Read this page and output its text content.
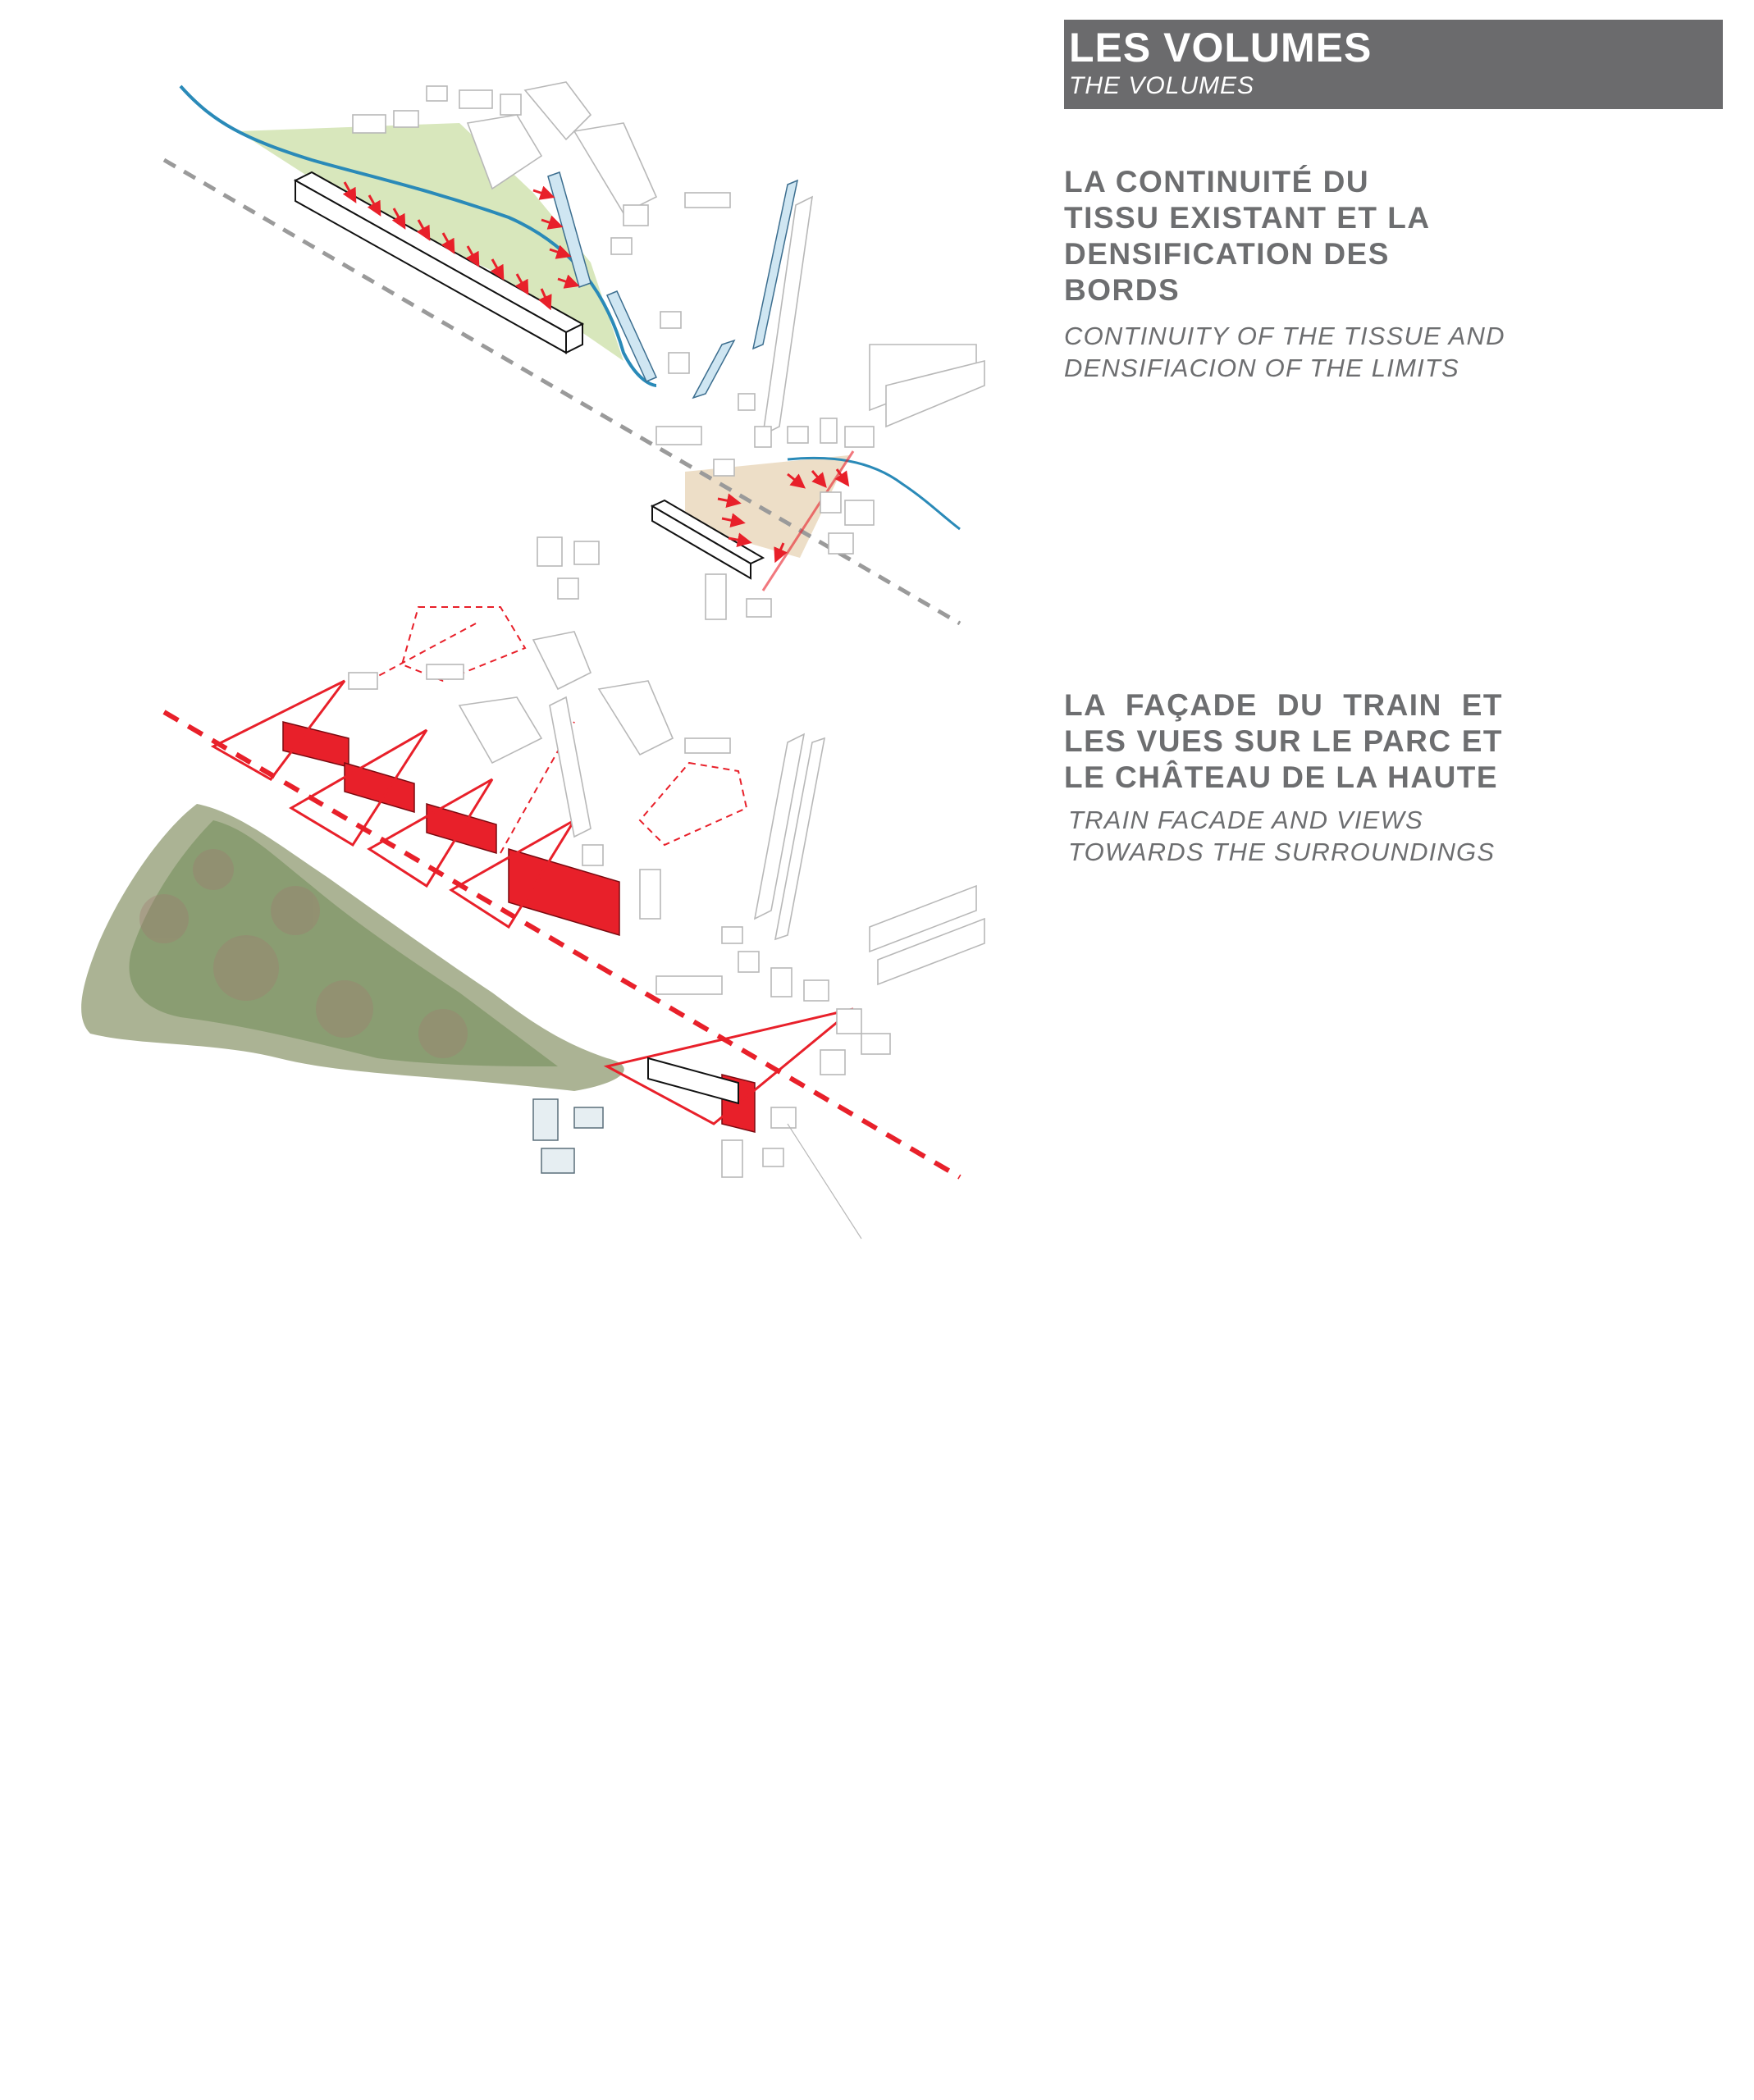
LES VOLUMES
THE VOLUMES
LA CONTINUITÉ DU
TISSU EXISTANT ET LA
DENSIFICATION DES
BORDS
CONTINUITY OF THE TISSUE AND
DENSIFIACION OF THE LIMITS
LA FAÇADE DU TRAIN ET
LES VUES SUR LE PARC ET
LE CHÂTEAU DE LA HAUTE
TRAIN FACADE AND VIEWS
TOWARDS THE SURROUNDINGS
